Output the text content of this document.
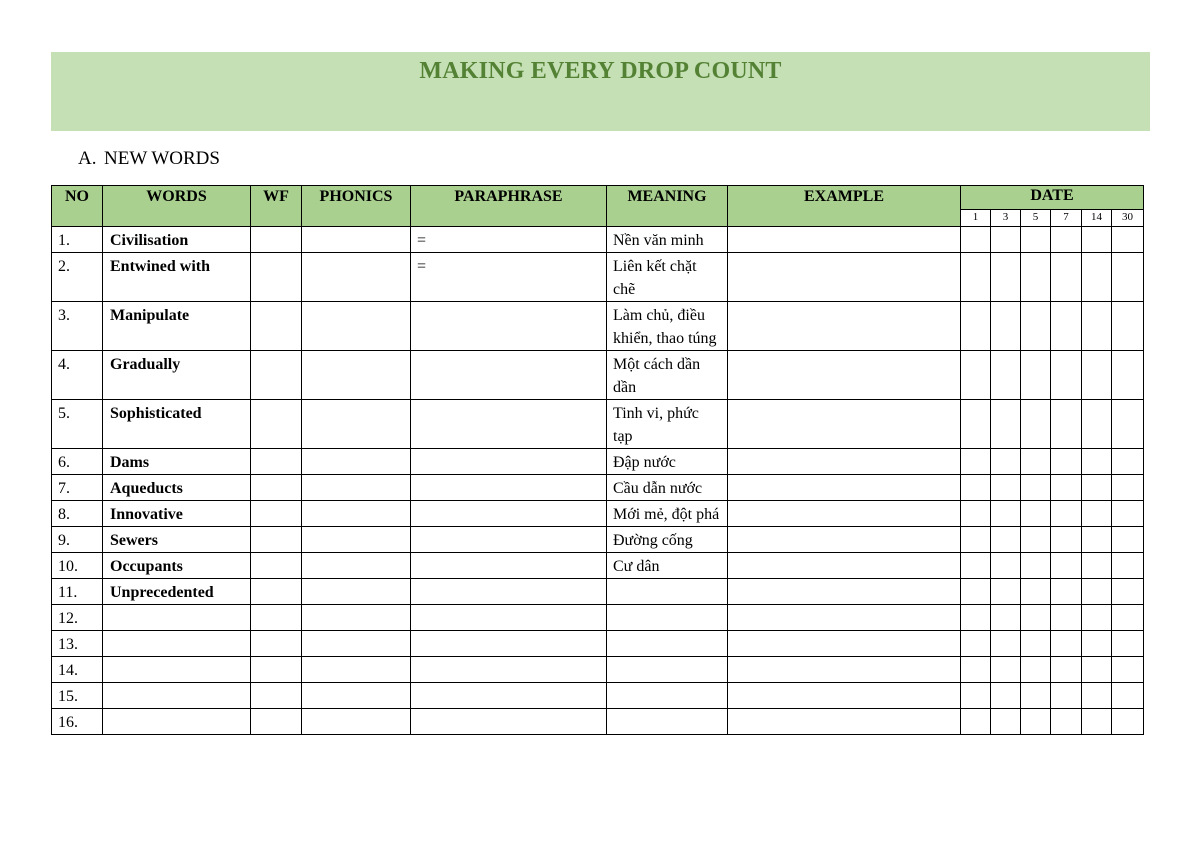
MAKING EVERY DROP COUNT
A. NEW WORDS
NO	WORDS	WF	PHONICS	PARAPHRASE	MEANING	EXAMPLE	DATE					
							1	3	5	7	14	30

1.	Civilisation			=	Nền văn minh							

2.	Entwined with			=	Liên kết chặt chẽ							

3.	Manipulate				Làm chủ, điều khiển, thao túng							

4.	Gradually				Một cách dần dần							

5.	Sophisticated				Tinh vi, phức tạp							

6.	Dams				Đập nước							

7.	Aqueducts				Cầu dẫn nước							

8.	Innovative				Mới mẻ, đột phá							

9.	Sewers				Đường cống							

10.	Occupants				Cư dân							

11.	Unprecedented											

12.												

13.												

14.												

15.												

16.												
